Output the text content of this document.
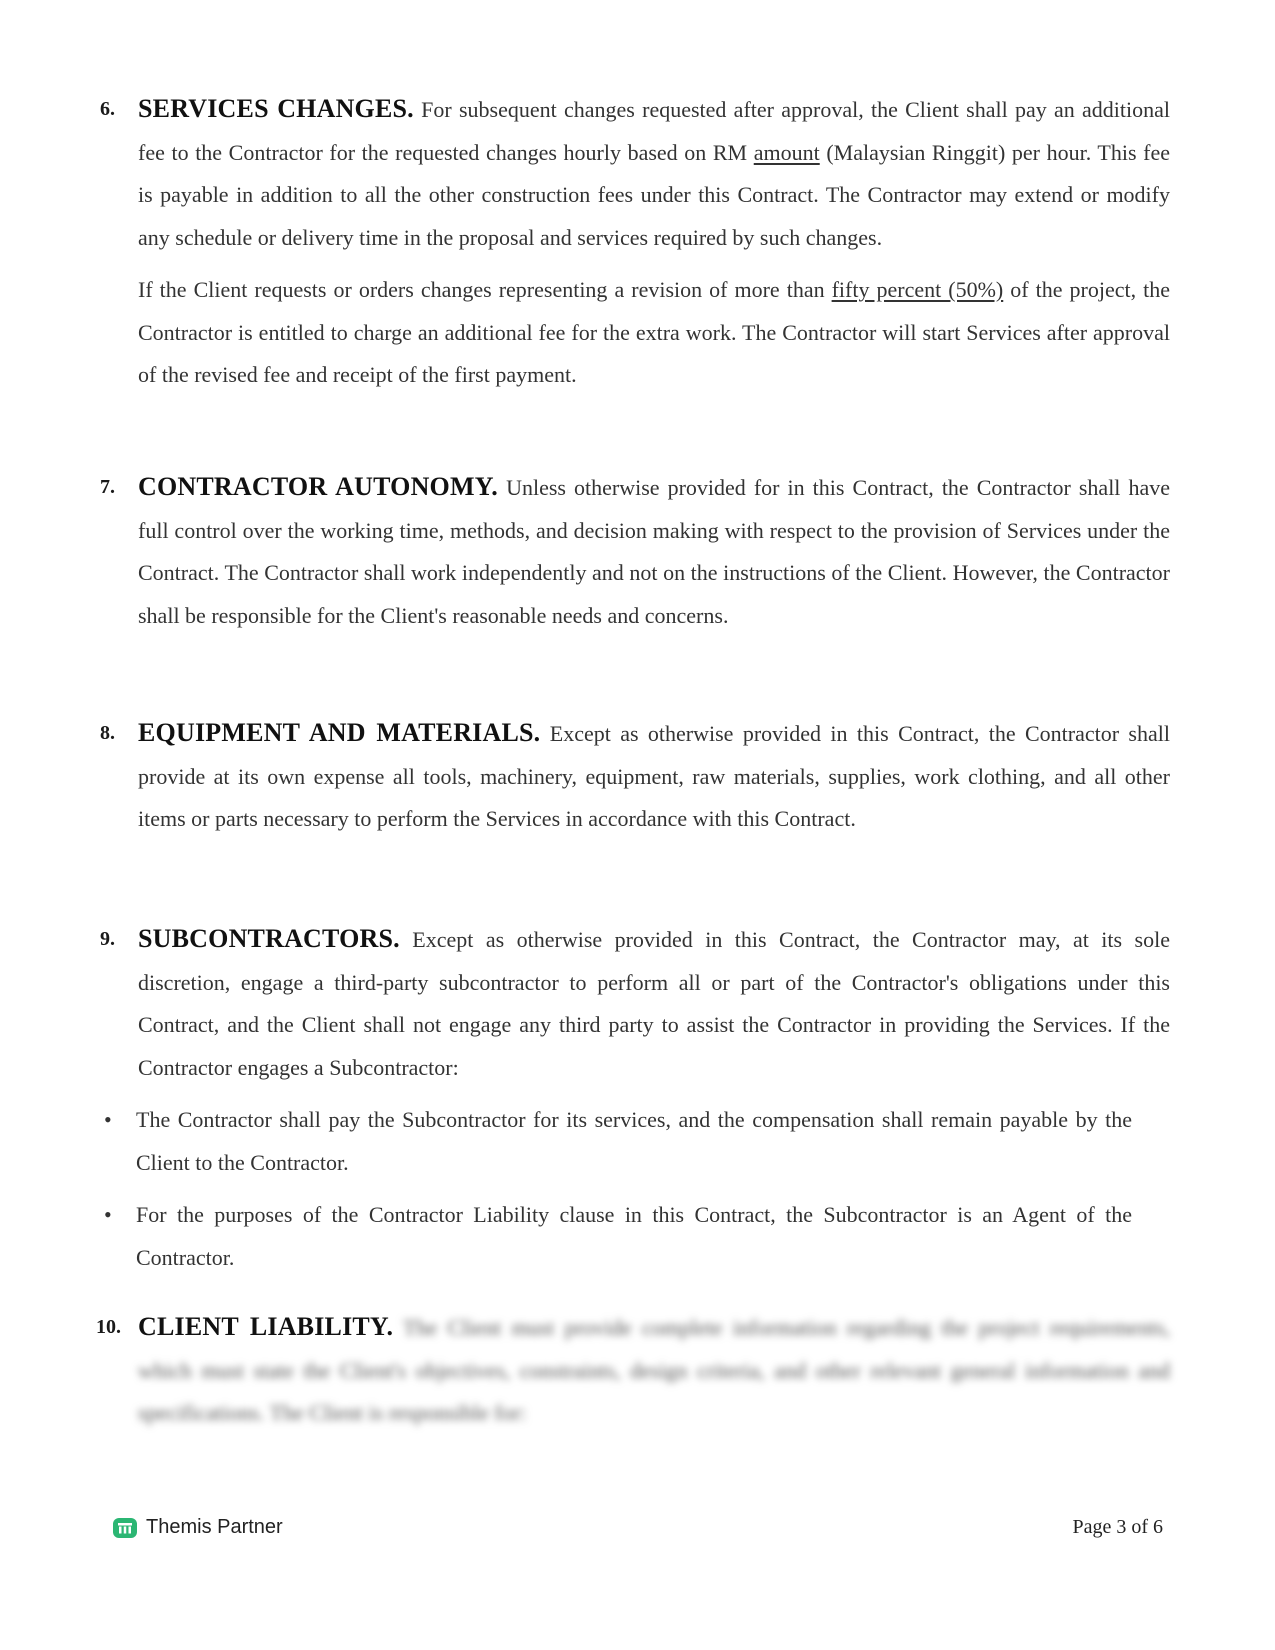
6. SERVICES CHANGES. For subsequent changes requested after approval, the Client shall pay an additional fee to the Contractor for the requested changes hourly based on RM amount (Malaysian Ringgit) per hour. This fee is payable in addition to all the other construction fees under this Contract. The Contractor may extend or modify any schedule or delivery time in the proposal and services required by such changes.
If the Client requests or orders changes representing a revision of more than fifty percent (50%) of the project, the Contractor is entitled to charge an additional fee for the extra work. The Contractor will start Services after approval of the revised fee and receipt of the first payment.
7. CONTRACTOR AUTONOMY. Unless otherwise provided for in this Contract, the Contractor shall have full control over the working time, methods, and decision making with respect to the provision of Services under the Contract. The Contractor shall work independently and not on the instructions of the Client. However, the Contractor shall be responsible for the Client's reasonable needs and concerns.
8. EQUIPMENT AND MATERIALS. Except as otherwise provided in this Contract, the Contractor shall provide at its own expense all tools, machinery, equipment, raw materials, supplies, work clothing, and all other items or parts necessary to perform the Services in accordance with this Contract.
9. SUBCONTRACTORS. Except as otherwise provided in this Contract, the Contractor may, at its sole discretion, engage a third-party subcontractor to perform all or part of the Contractor's obligations under this Contract, and the Client shall not engage any third party to assist the Contractor in providing the Services. If the Contractor engages a Subcontractor:
• The Contractor shall pay the Subcontractor for its services, and the compensation shall remain payable by the Client to the Contractor.
• For the purposes of the Contractor Liability clause in this Contract, the Subcontractor is an Agent of the Contractor.
10. CLIENT LIABILITY. The Client must provide complete information regarding the project requirements, which must state the Client's objectives, constraints, design criteria, and other relevant general information and specifications. The Client is responsible for:
Themis Partner	Page 3 of 6
